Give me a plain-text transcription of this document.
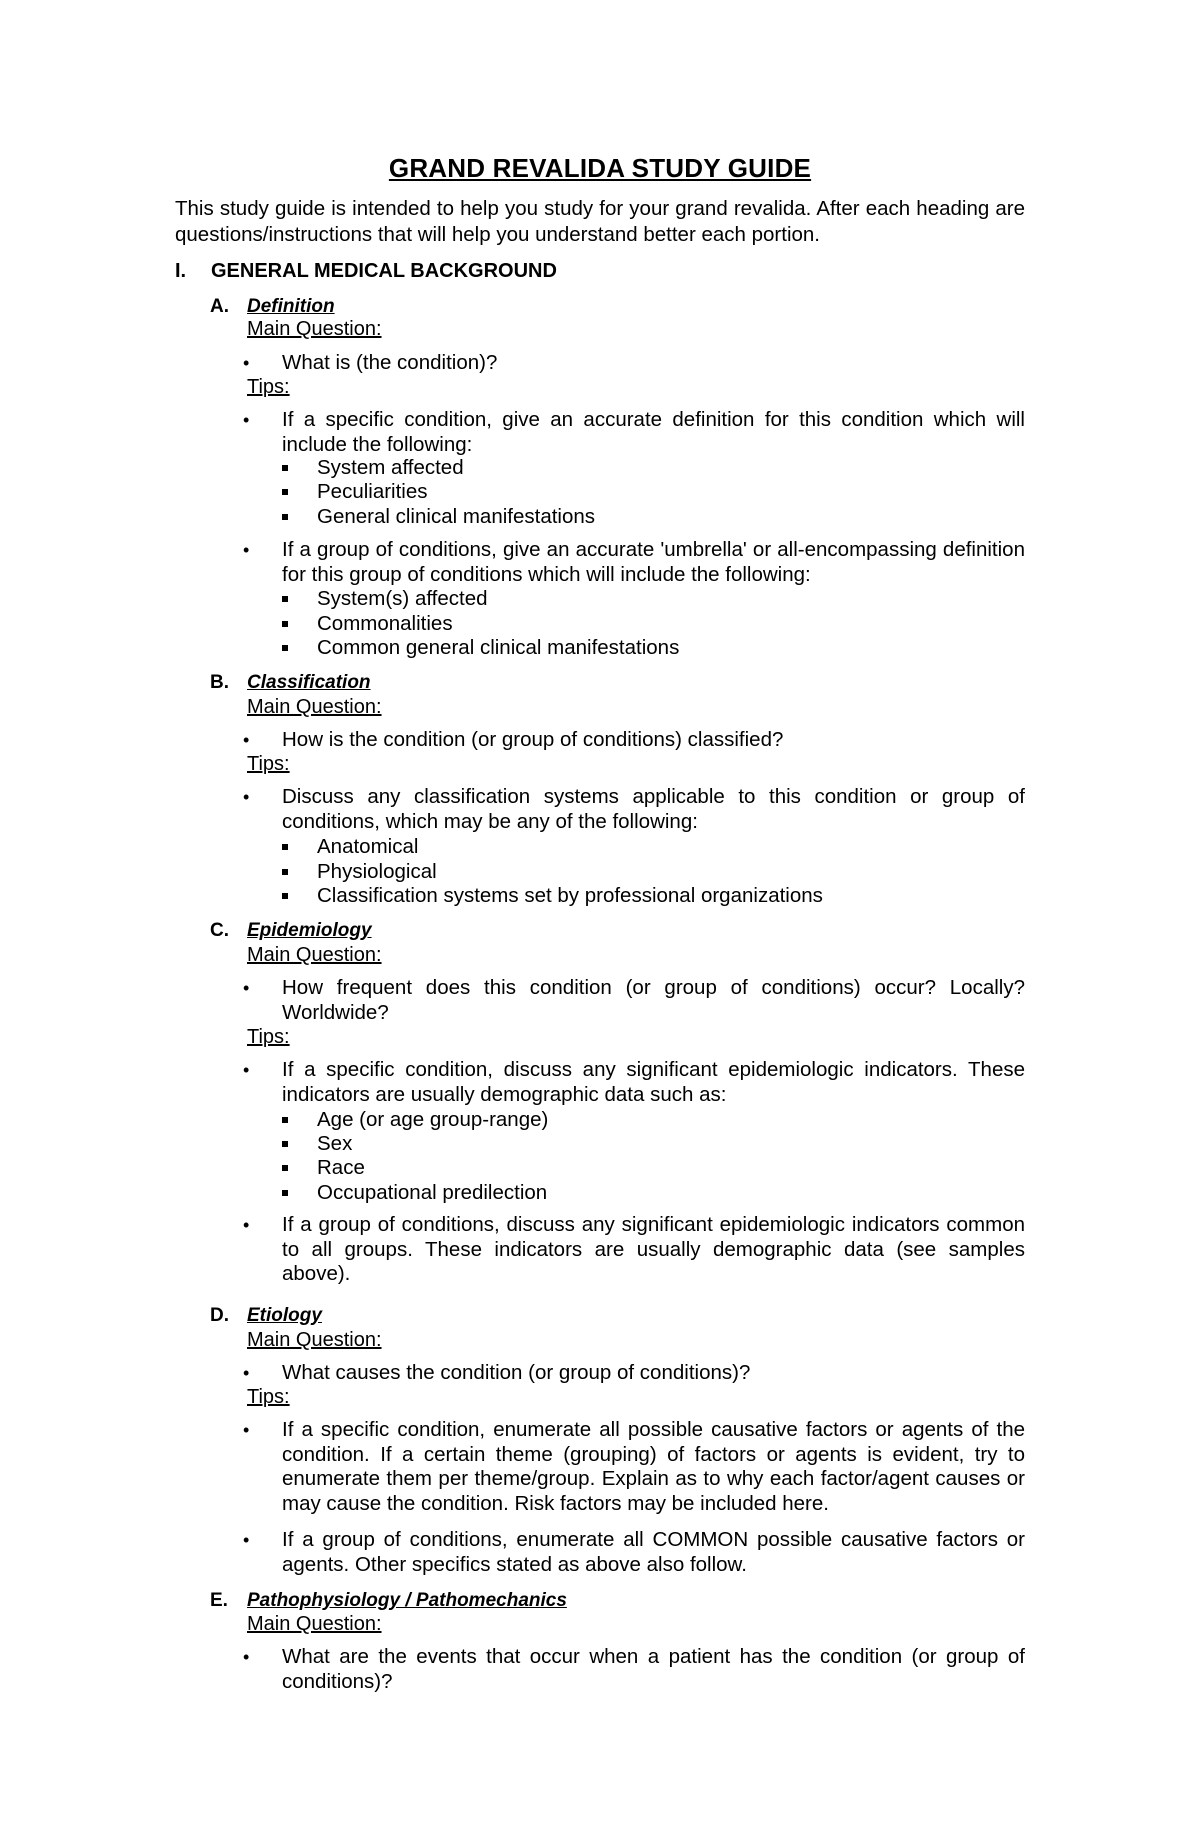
GRAND REVALIDA STUDY GUIDE
This study guide is intended to help you study for your grand revalida. After each heading are questions/instructions that will help you understand better each portion.
I. GENERAL MEDICAL BACKGROUND
A. Definition
Main Question:
•	What is (the condition)?
Tips:
•	If a specific condition, give an accurate definition for this condition which will include the following:
System affected
Peculiarities
General clinical manifestations
•	If a group of conditions, give an accurate 'umbrella' or all-encompassing definition for this group of conditions which will include the following:
System(s) affected
Commonalities
Common general clinical manifestations
B. Classification
Main Question:
•	How is the condition (or group of conditions) classified?
Tips:
•	Discuss any classification systems applicable to this condition or group of conditions, which may be any of the following:
Anatomical
Physiological
Classification systems set by professional organizations
C. Epidemiology
Main Question:
•	How frequent does this condition (or group of conditions) occur? Locally? Worldwide?
Tips:
•	If a specific condition, discuss any significant epidemiologic indicators. These indicators are usually demographic data such as:
Age (or age group-range)
Sex
Race
Occupational predilection
•	If a group of conditions, discuss any significant epidemiologic indicators common to all groups. These indicators are usually demographic data (see samples above).
D. Etiology
Main Question:
•	What causes the condition (or group of conditions)?
Tips:
•	If a specific condition, enumerate all possible causative factors or agents of the condition. If a certain theme (grouping) of factors or agents is evident, try to enumerate them per theme/group. Explain as to why each factor/agent causes or may cause the condition. Risk factors may be included here.
•	If a group of conditions, enumerate all COMMON possible causative factors or agents. Other specifics stated as above also follow.
E. Pathophysiology / Pathomechanics
Main Question:
•	What are the events that occur when a patient has the condition (or group of conditions)?
